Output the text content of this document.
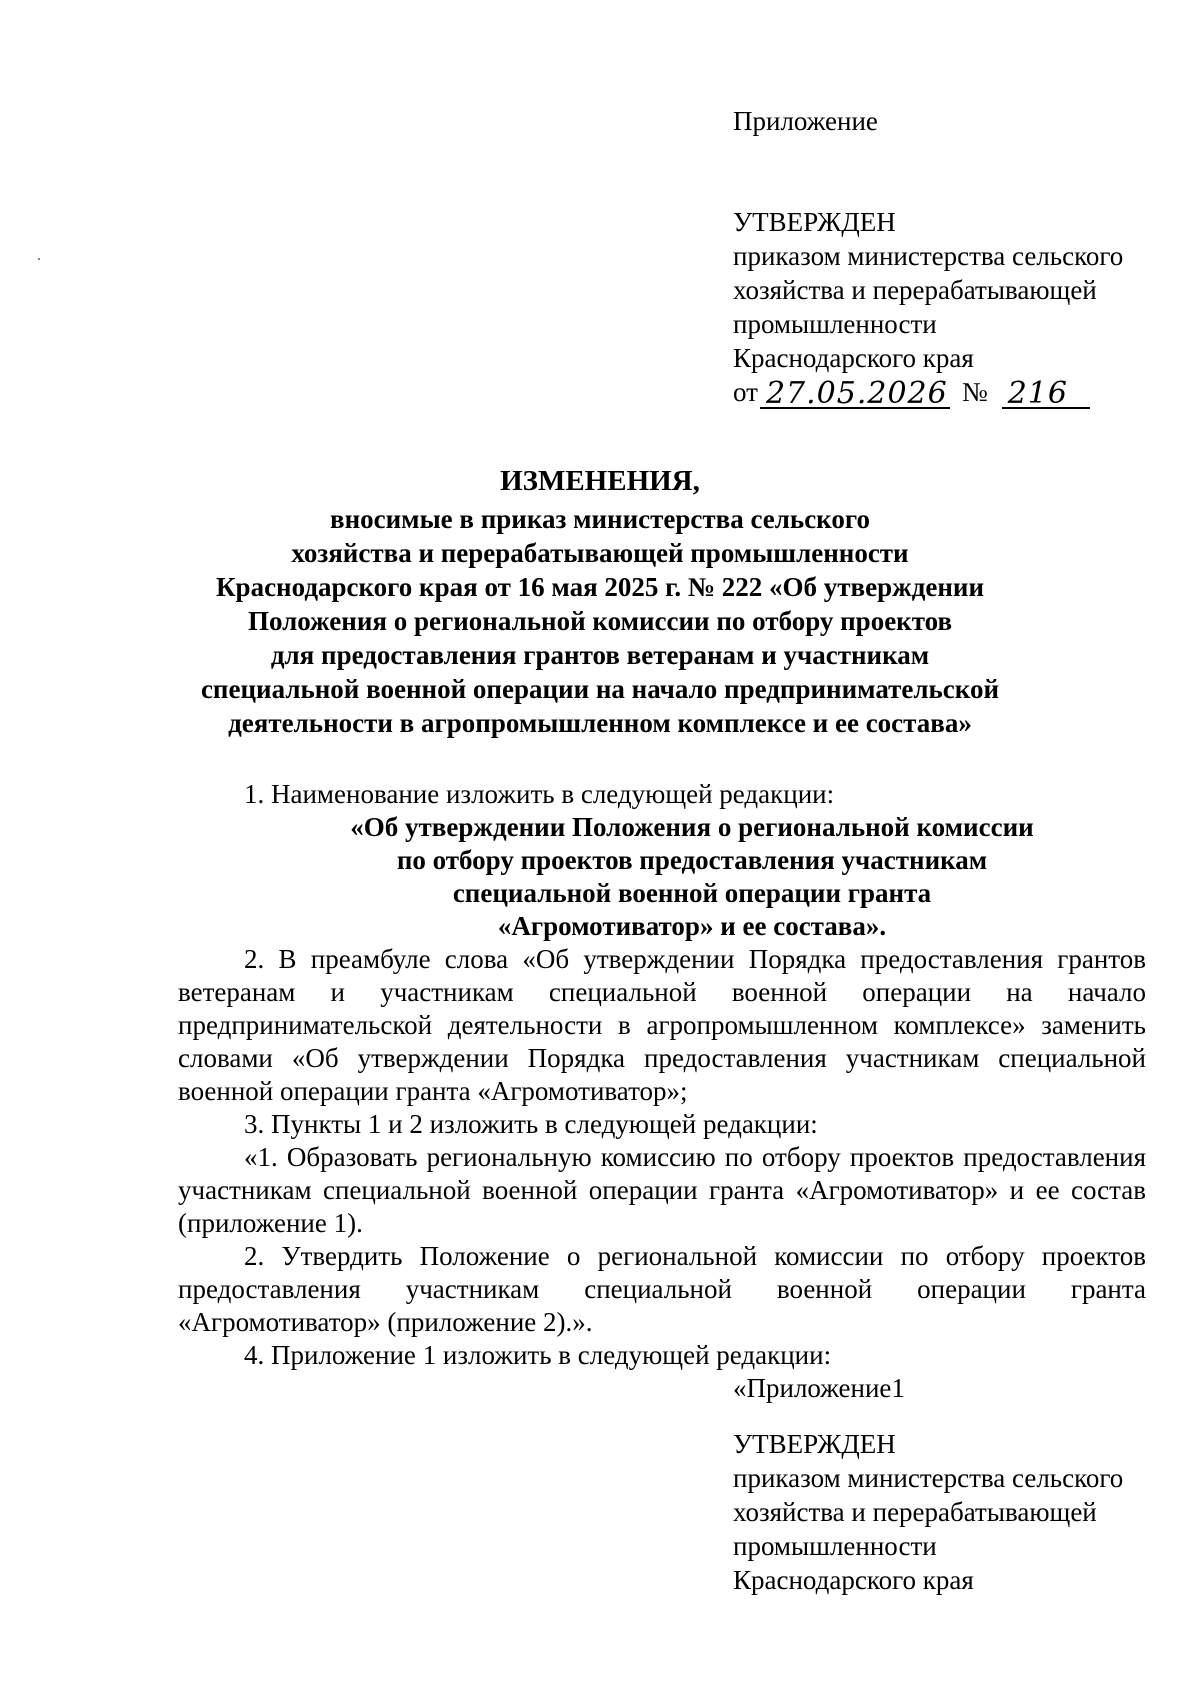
Приложение
УТВЕРЖДЕН
приказом министерства сельского
хозяйства и перерабатывающей
промышленности
Краснодарского края
от 27.05.2026 № 216
ИЗМЕНЕНИЯ,
вносимые в приказ министерства сельского
хозяйства и перерабатывающей промышленности
Краснодарского края от 16 мая 2025 г. № 222 «Об утверждении
Положения о региональной комиссии по отбору проектов
для предоставления грантов ветеранам и участникам
специальной военной операции на начало предпринимательской
деятельности в агропромышленном комплексе и ее состава»

1. Наименование изложить в следующей редакции:

«Об утверждении Положения о региональной комиссии
по отбору проектов предоставления участникам
специальной военной операции гранта
«Агромотиватор» и ее состава».

2. В преамбуле слова «Об утверждении Порядка предоставления грантов ветеранам и участникам специальной военной операции на начало предпринимательской деятельности в агропромышленном комплексе» заменить словами «Об утверждении Порядка предоставления участникам специальной военной операции гранта «Агромотиватор»;

3. Пункты 1 и 2 изложить в следующей редакции:

«1. Образовать региональную комиссию по отбору проектов предоставления участникам специальной военной операции гранта «Агромотиватор» и ее состав (приложение 1).

2. Утвердить Положение о региональной комиссии по отбору проектов предоставления участникам специальной военной операции гранта «Агромотиватор» (приложение 2).».

4. Приложение 1 изложить в следующей редакции:

«Приложение1

УТВЕРЖДЕН
приказом министерства сельского
хозяйства и перерабатывающей
промышленности
Краснодарского края
